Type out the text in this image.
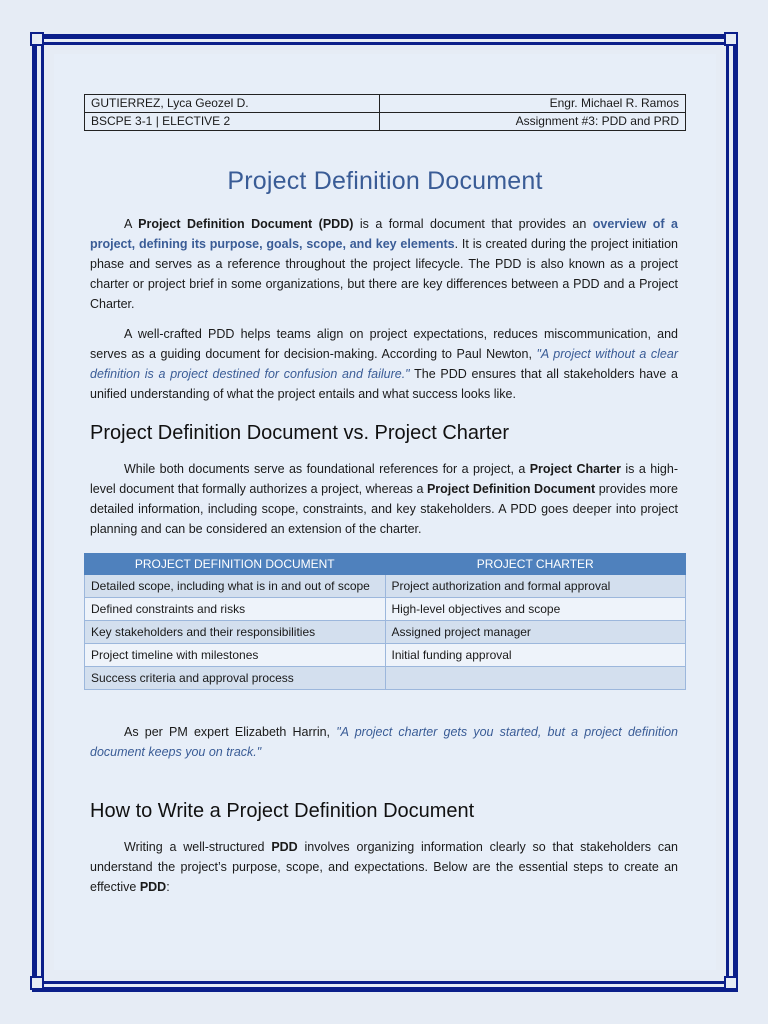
GUTIERREZ, Lyca Geozel D.	Engr. Michael R. Ramos
BSCPE 3-1 | ELECTIVE 2	Assignment #3: PDD and PRD
Project Definition Document

A Project Definition Document (PDD) is a formal document that provides an overview of a project, defining its purpose, goals, scope, and key elements. It is created during the project initiation phase and serves as a reference throughout the project lifecycle. The PDD is also known as a project charter or project brief in some organizations, but there are key differences between a PDD and a Project Charter.

A well-crafted PDD helps teams align on project expectations, reduces miscommunication, and serves as a guiding document for decision-making. According to Paul Newton, "A project without a clear definition is a project destined for confusion and failure." The PDD ensures that all stakeholders have a unified understanding of what the project entails and what success looks like.

Project Definition Document vs. Project Charter

While both documents serve as foundational references for a project, a Project Charter is a high-level document that formally authorizes a project, whereas a Project Definition Document provides more detailed information, including scope, constraints, and key stakeholders. A PDD goes deeper into project planning and can be considered an extension of the charter.

PROJECT DEFINITION DOCUMENT	PROJECT CHARTER
Detailed scope, including what is in and out of scope	Project authorization and formal approval
Defined constraints and risks	High-level objectives and scope
Key stakeholders and their responsibilities	Assigned project manager
Project timeline with milestones	Initial funding approval
Success criteria and approval process	

As per PM expert Elizabeth Harrin, "A project charter gets you started, but a project definition document keeps you on track."

How to Write a Project Definition Document

Writing a well-structured PDD involves organizing information clearly so that stakeholders can understand the project’s purpose, scope, and expectations. Below are the essential steps to create an effective PDD:
